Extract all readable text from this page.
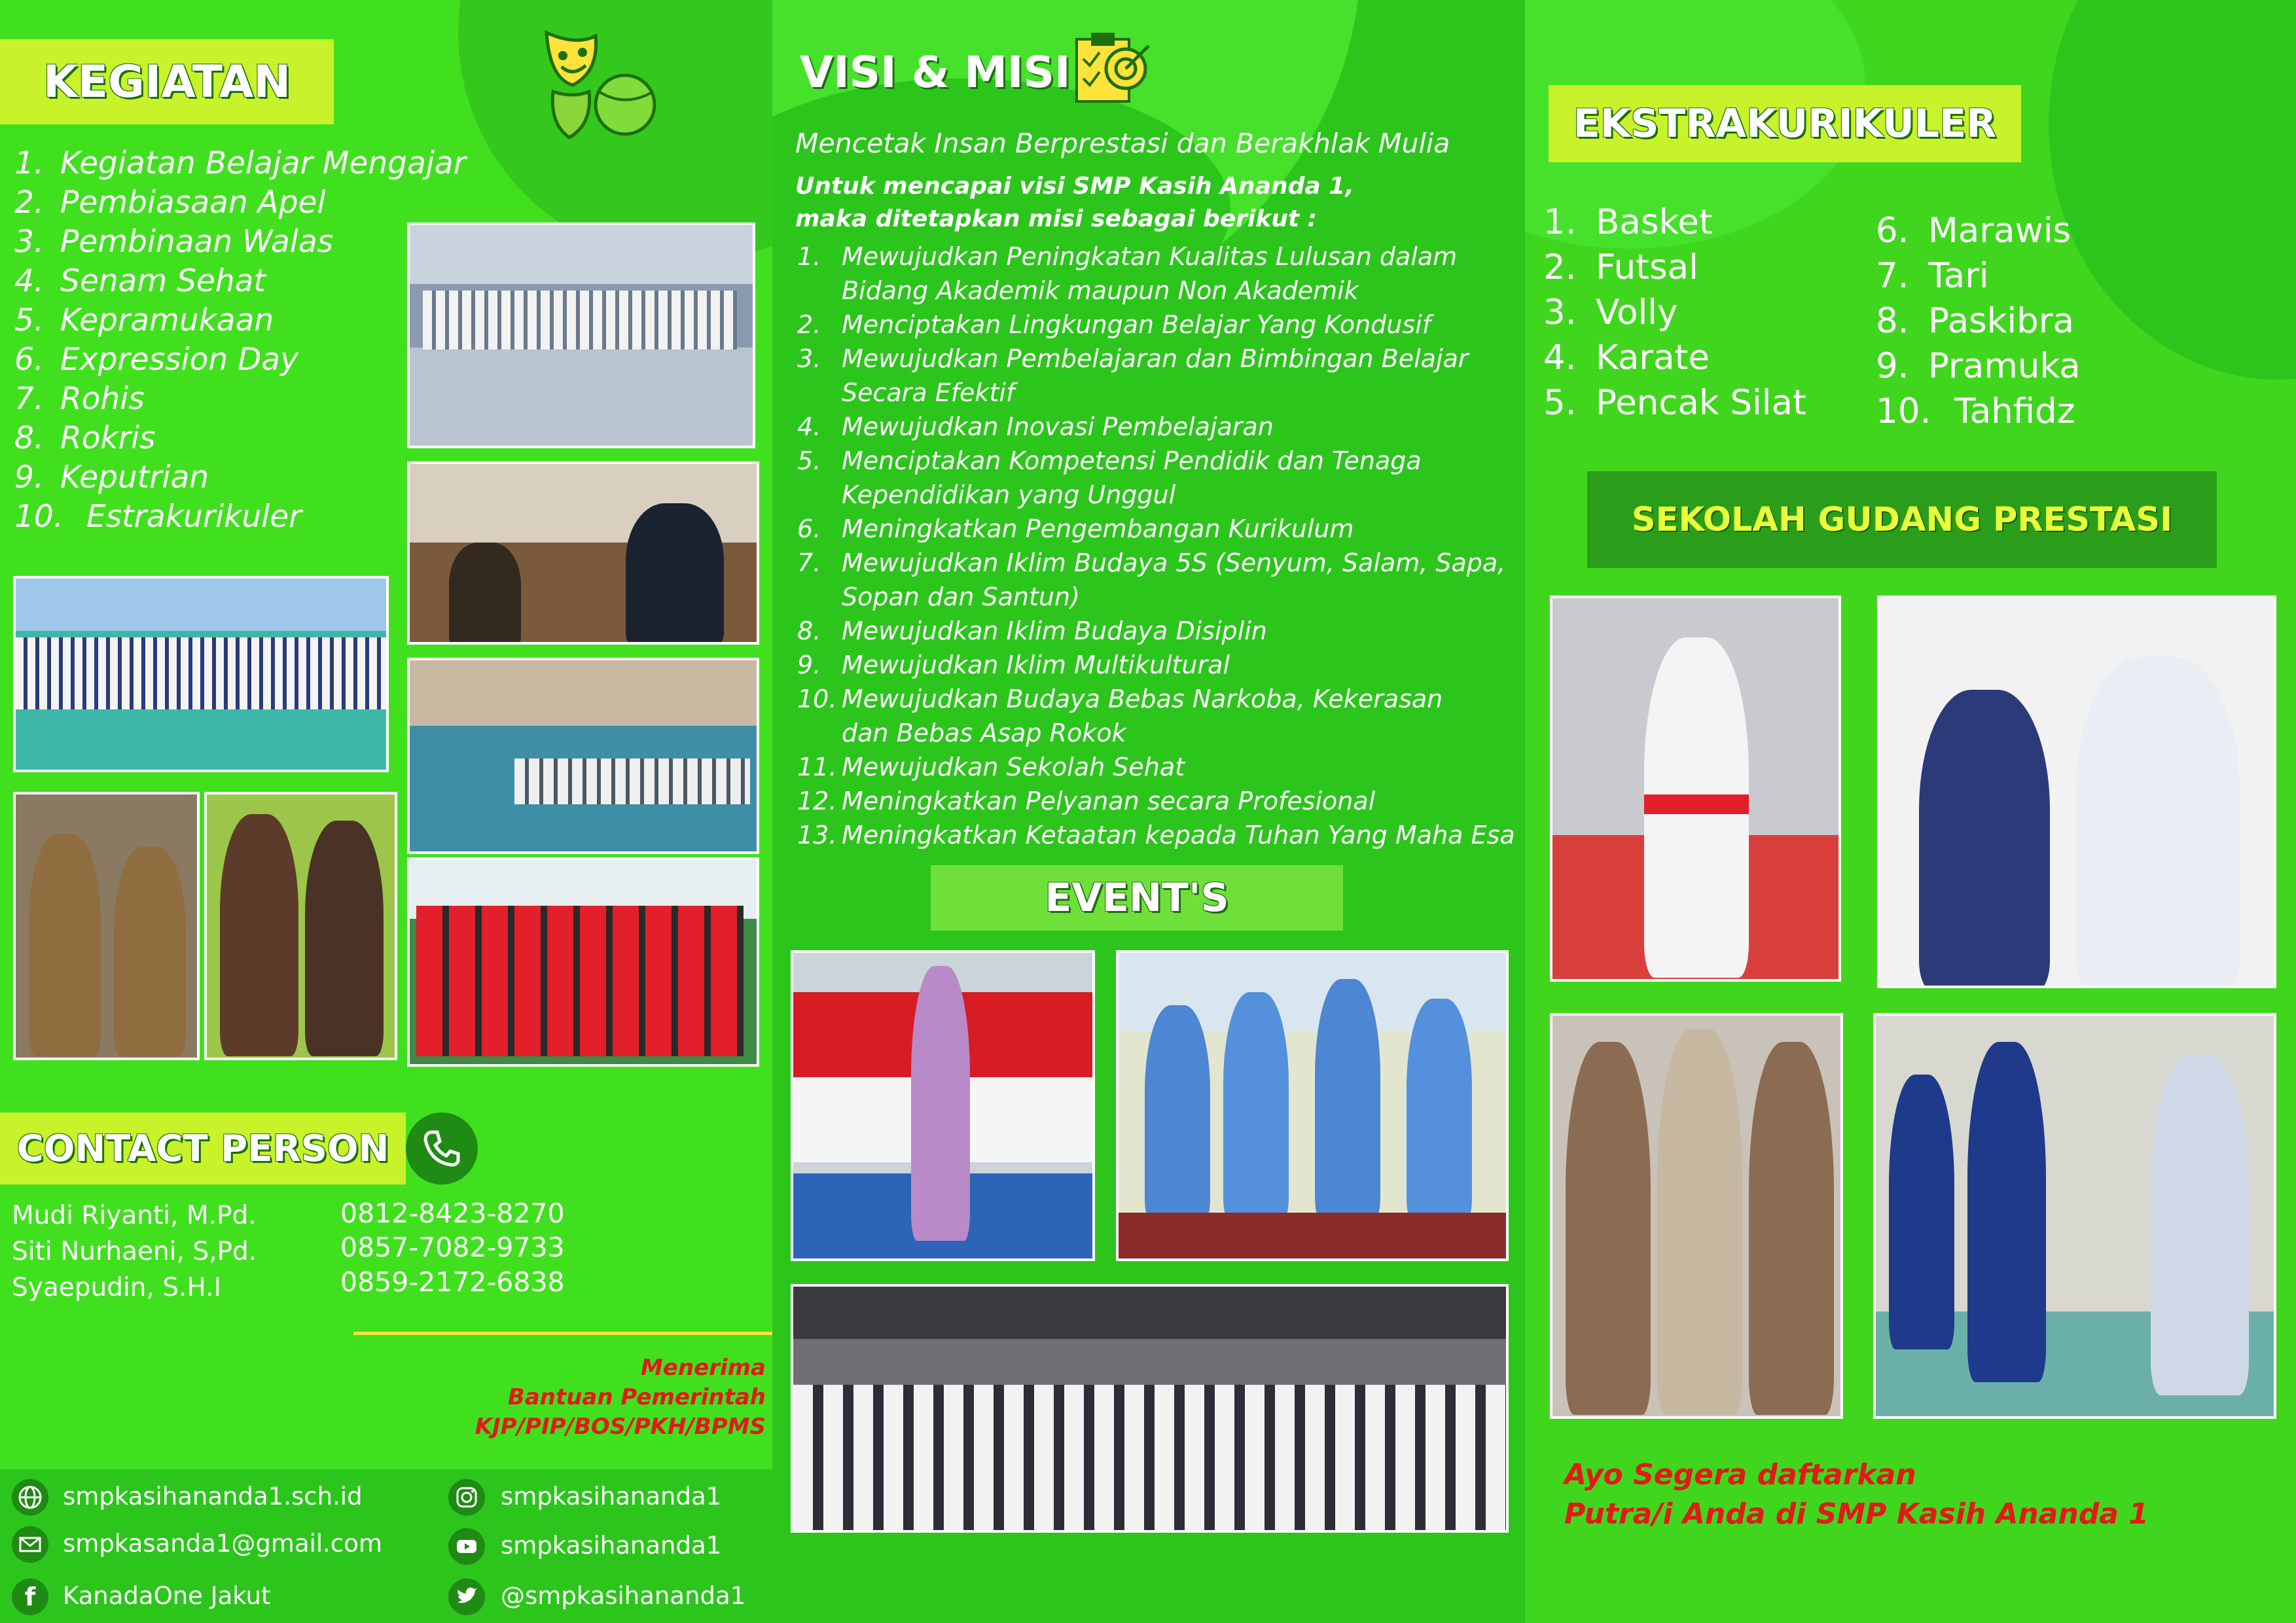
KEGIATAN
1. Kegiatan Belajar Mengajar
2. Pembiasaan Apel
3. Pembinaan Walas
4. Senam Sehat
5. Kepramukaan
6. Expression Day
7. Rohis
8. Rokris
9. Keputrian
10. Estrakurikuler
CONTACT PERSON
Mudi Riyanti, M.Pd.
Siti Nurhaeni, S,Pd.
Syaepudin, S.H.I
0812-8423-8270
0857-7082-9733
0859-2172-6838
Menerima
Bantuan Pemerintah
KJP/PIP/BOS/PKH/BPMS
smpkasihananda1.sch.id
smpkasanda1@gmail.com
f KanadaOne Jakut
smpkasihananda1
smpkasihananda1
@smpkasihananda1
VISI & MISI
Mencetak Insan Berprestasi dan Berakhlak Mulia
Untuk mencapai visi SMP Kasih Ananda 1,
maka ditetapkan misi sebagai berikut :
1. Mewujudkan Peningkatan Kualitas Lulusan dalam
Bidang Akademik maupun Non Akademik
2. Menciptakan Lingkungan Belajar Yang Kondusif
3. Mewujudkan Pembelajaran dan Bimbingan Belajar
Secara Efektif
4. Mewujudkan Inovasi Pembelajaran
5. Menciptakan Kompetensi Pendidik dan Tenaga
Kependidikan yang Unggul
6. Meningkatkan Pengembangan Kurikulum
7. Mewujudkan Iklim Budaya 5S (Senyum, Salam, Sapa,
Sopan dan Santun)
8. Mewujudkan Iklim Budaya Disiplin
9. Mewujudkan Iklim Multikultural
10. Mewujudkan Budaya Bebas Narkoba, Kekerasan
dan Bebas Asap Rokok
11. Mewujudkan Sekolah Sehat
12. Meningkatkan Pelyanan secara Profesional
13. Meningkatkan Ketaatan kepada Tuhan Yang Maha Esa
EVENT'S
EKSTRAKURIKULER
1. Basket
2. Futsal
3. Volly
4. Karate
5. Pencak Silat
6. Marawis
7. Tari
8. Paskibra
9. Pramuka
10. Tahfidz
SEKOLAH GUDANG PRESTASI
Ayo Segera daftarkan
Putra/i Anda di SMP Kasih Ananda 1
